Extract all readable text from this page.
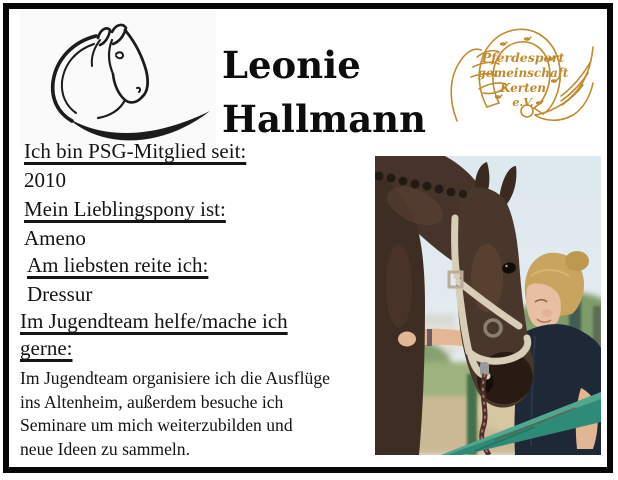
Leonie
Hallmann
Pferdesport
gemeinschaft
Kerten
e.V.
Ich bin PSG-Mitglied seit:
2010
Mein Lieblingspony ist:
Ameno
Am liebsten reite ich:
Dressur
Im Jugendteam helfe/mache ich
gerne:
Im Jugendteam organisiere ich die Ausflüge
ins Altenheim, außerdem besuche ich
Seminare um mich weiterzubilden und
neue Ideen zu sammeln.
